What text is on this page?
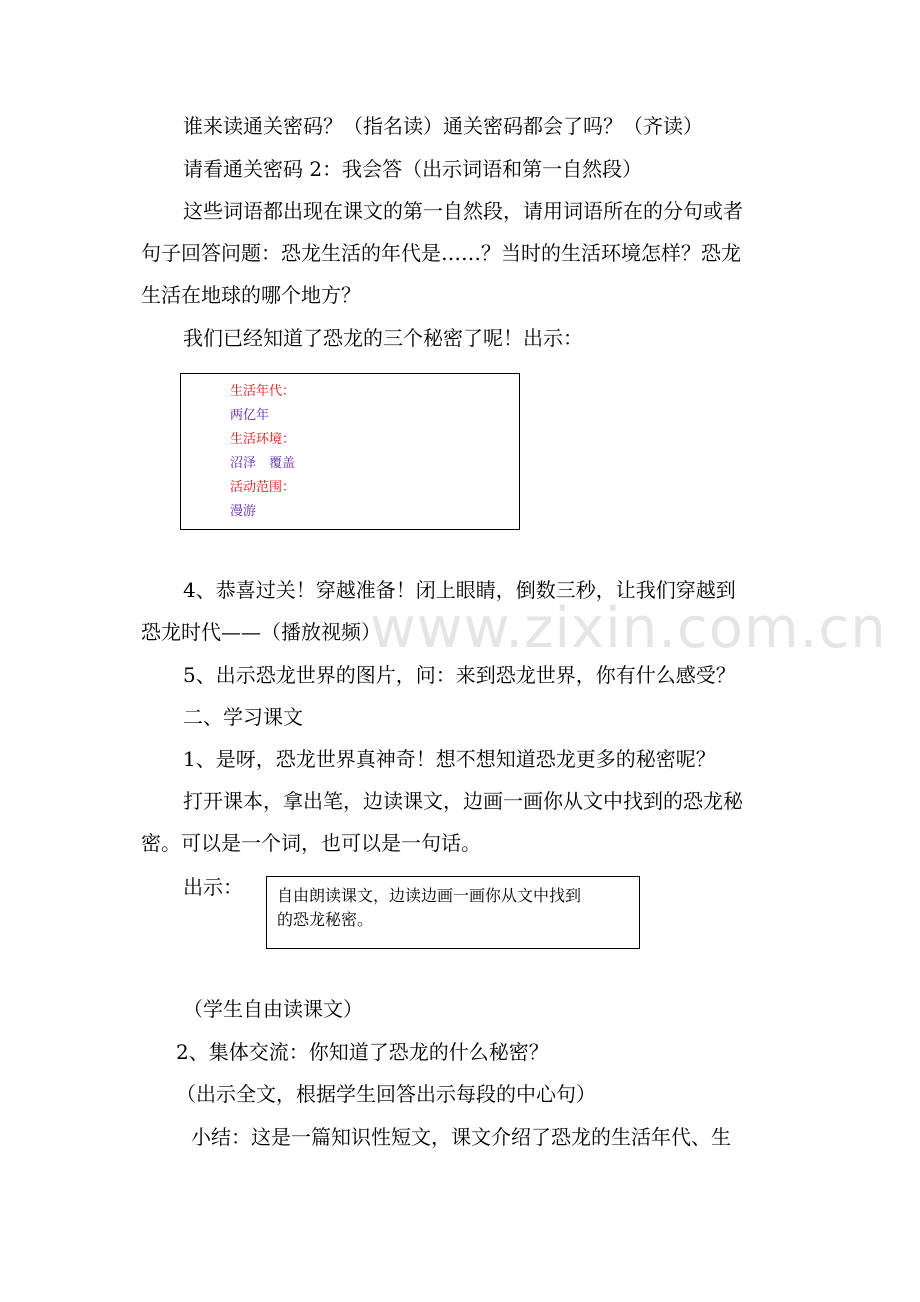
谁来读通关密码？（指名读）通关密码都会了吗？（齐读）
请看通关密码 2：我会答（出示词语和第一自然段）
这些词语都出现在课文的第一自然段，请用词语所在的分句或者
句子回答问题：恐龙生活的年代是……？当时的生活环境怎样？恐龙
生活在地球的哪个地方？
我们已经知道了恐龙的三个秘密了呢！出示：
生活年代：
两亿年
生活环境：
沼泽　覆盖
活动范围：
漫游
4、恭喜过关！穿越准备！闭上眼睛，倒数三秒，让我们穿越到
恐龙时代——（播放视频）
www.zixin.com.cn
5、出示恐龙世界的图片，问：来到恐龙世界，你有什么感受？
二、学习课文
1、是呀，恐龙世界真神奇！想不想知道恐龙更多的秘密呢？
打开课本，拿出笔，边读课文，边画一画你从文中找到的恐龙秘
密。可以是一个词，也可以是一句话。
出示： 自由朗读课文，边读边画一画你从文中找到
的恐龙秘密。
（学生自由读课文）
2、集体交流：你知道了恐龙的什么秘密？
（出示全文，根据学生回答出示每段的中心句）
小结：这是一篇知识性短文，课文介绍了恐龙的生活年代、生
